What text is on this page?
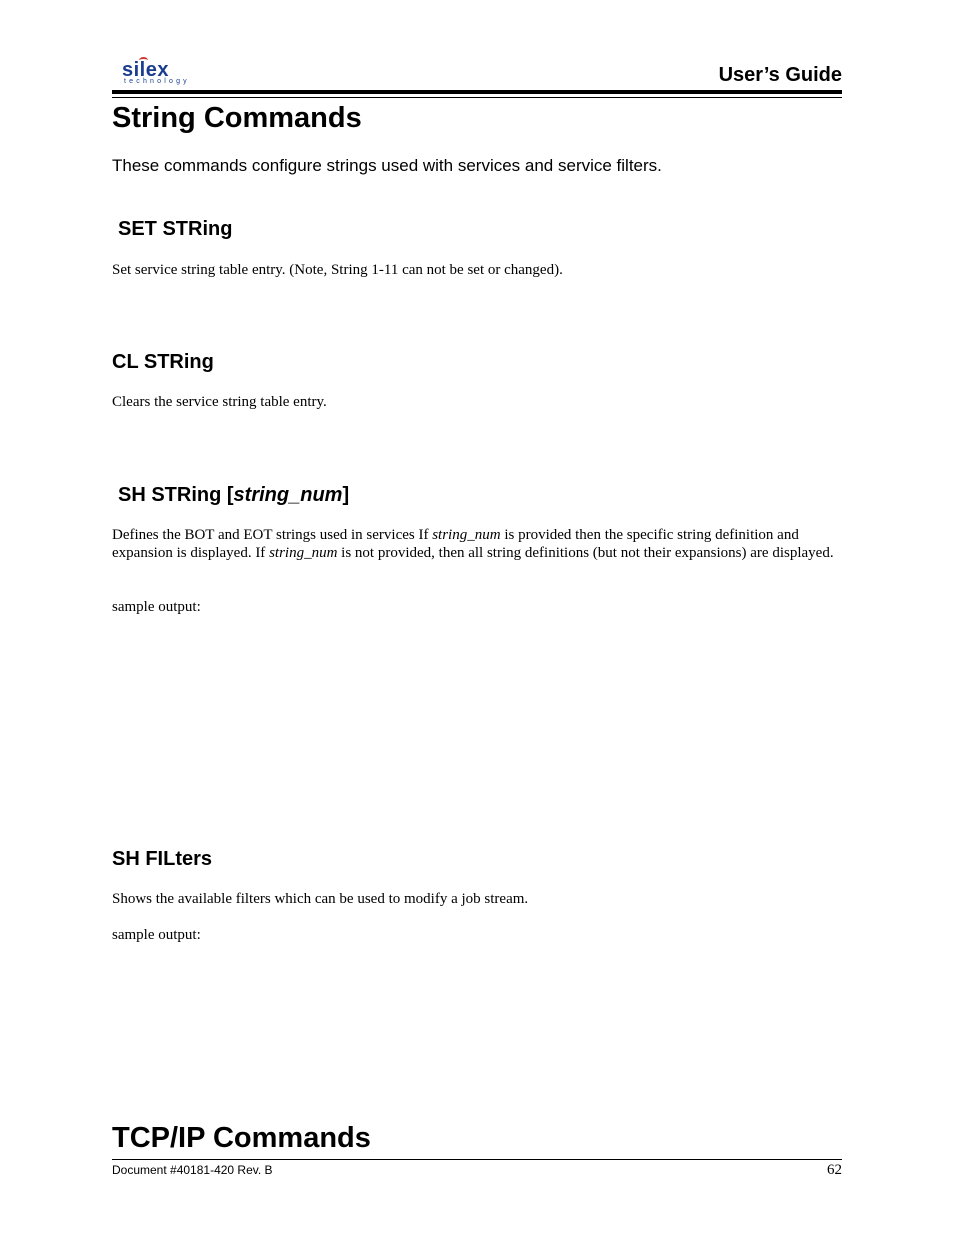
silex
technology	User’s Guide
String Commands
These commands configure strings used with services and service filters.
SET STRing
Set service string table entry. (Note, String 1-11 can not be set or changed).
CL STRing
Clears the service string table entry.
SH STRing [string_num]
Defines the BOT and EOT strings used in services If string_num is provided then the specific string definition and expansion is displayed. If string_num is not provided, then all string definitions (but not their expansions) are displayed.
sample output:
SH FILters
Shows the available filters which can be used to modify a job stream.
sample output:
TCP/IP Commands
Document #40181-420 Rev. B	62
